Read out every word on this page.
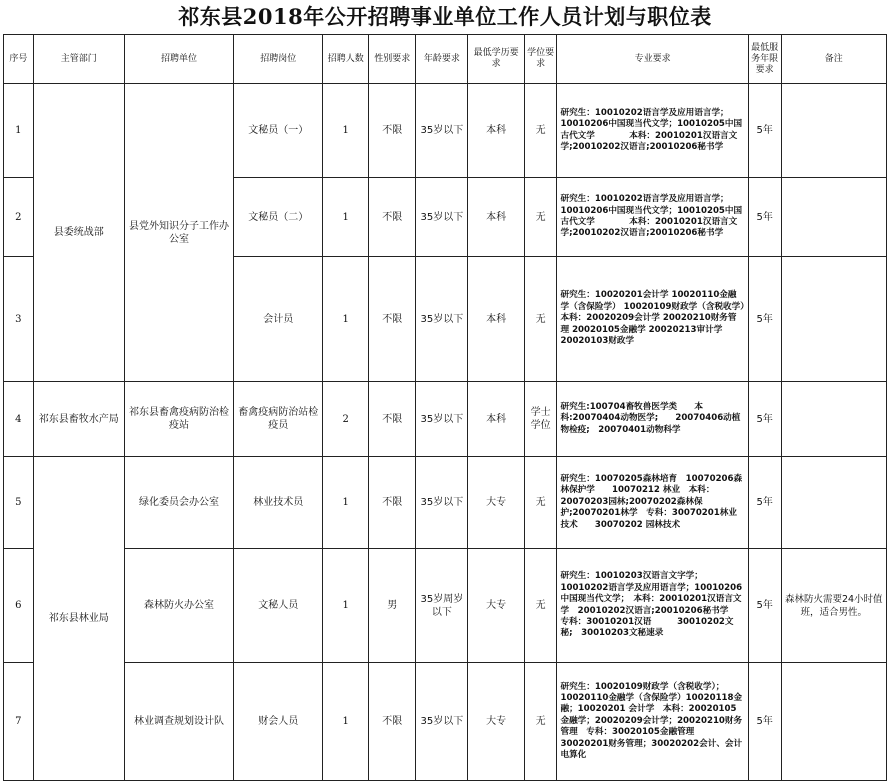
祁东县2018年公开招聘事业单位工作人员计划与职位表
序号	主管部门	招聘单位	招聘岗位	招聘人数	性别要求	年龄要求	最低学历要求	学位要求	专业要求	最低服务年限要求	备注
1	县委统战部	县党外知识分子工作办公室	文秘员（一）	1	不限	35岁以下	本科	无	研究生：10010202语言学及应用语言学；10010206中国现当代文学；10010205中国古代文学　　　　本科：20010201汉语言文学;20010202汉语言;20010206秘书学	5年	
2			文秘员（二）	1	不限	35岁以下	本科	无	研究生：10010202语言学及应用语言学；10010206中国现当代文学；10010205中国古代文学　　　　本科：20010201汉语言文学;20010202汉语言;20010206秘书学	5年	
3			会计员	1	不限	35岁以下	本科	无	研究生：10020201会计学 10020110金融学（含保险学） 10020109财政学（含税收学）　　本科：20020209会计学 20020210财务管理 20020105金融学 20020213审计学 20020103财政学	5年	
4	祁东县畜牧水产局	祁东县畜禽疫病防治检疫站	畜禽疫病防治站检疫员	2	不限	35岁以下	本科	学士学位	研究生:100704畜牧兽医学类　　本科:20070404动物医学;　　20070406动植物检疫;　20070401动物科学	5年	
5	祁东县林业局	绿化委员会办公室	林业技术员	1	不限	35岁以下	大专	无	研究生：10070205森林培育　10070206森林保护学　　10070212 林业　本科：20070203园林;20070202森林保护;20070201林学　专科：30070201林业技术　　30070202 园林技术	5年	
6		森林防火办公室	文秘人员	1	男	35岁周岁以下	大专	无	研究生：10010203汉语言文字学；10010202语言学及应用语言学；10010206中国现当代文学；　本科：20010201汉语言文学　20010202汉语言;20010206秘书学　　　　专科：30010201汉语　　　30010202文秘;　30010203文秘速录	5年	森林防火需要24小时值班，适合男性。
7		林业调查规划设计队	财会人员	1	不限	35岁以下	大专	无	研究生：10020109财政学（含税收学）；10020110金融学（含保险学）10020118金融；10020201 会计学　本科：20020105金融学；20020209会计学；20020210财务管理　专科：30020105金融管理　30020201财务管理；30020202会计、会计电算化	5年	
